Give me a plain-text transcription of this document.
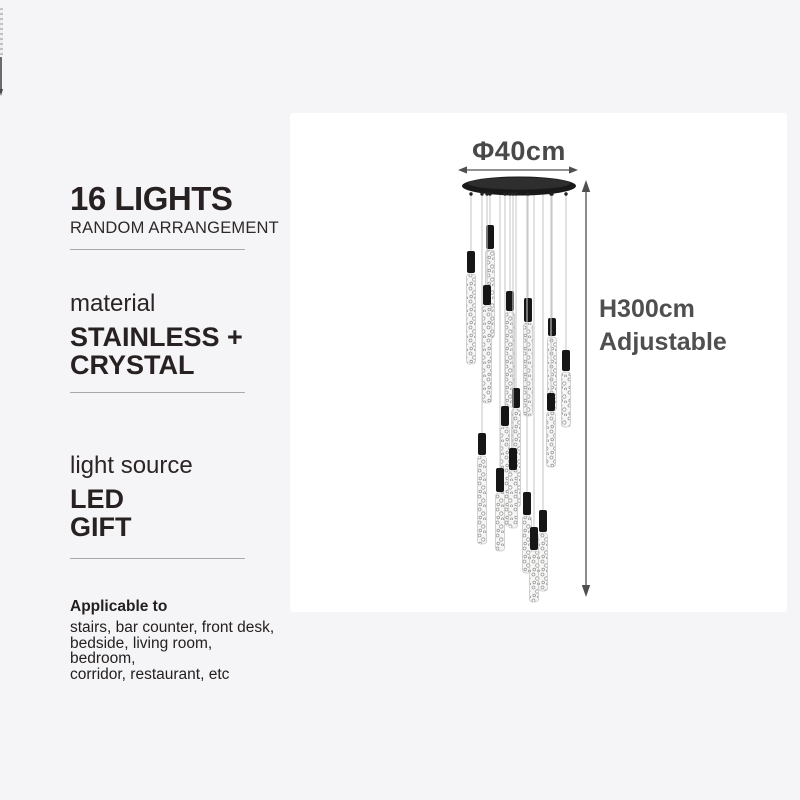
Φ40cm
H300cm
Adjustable
16 LIGHTS
RANDOM ARRANGEMENT
material
STAINLESS +
CRYSTAL
light source
LED
GIFT
Applicable to
stairs, bar counter, front desk,
bedside, living room, bedroom,
corridor, restaurant, etc
